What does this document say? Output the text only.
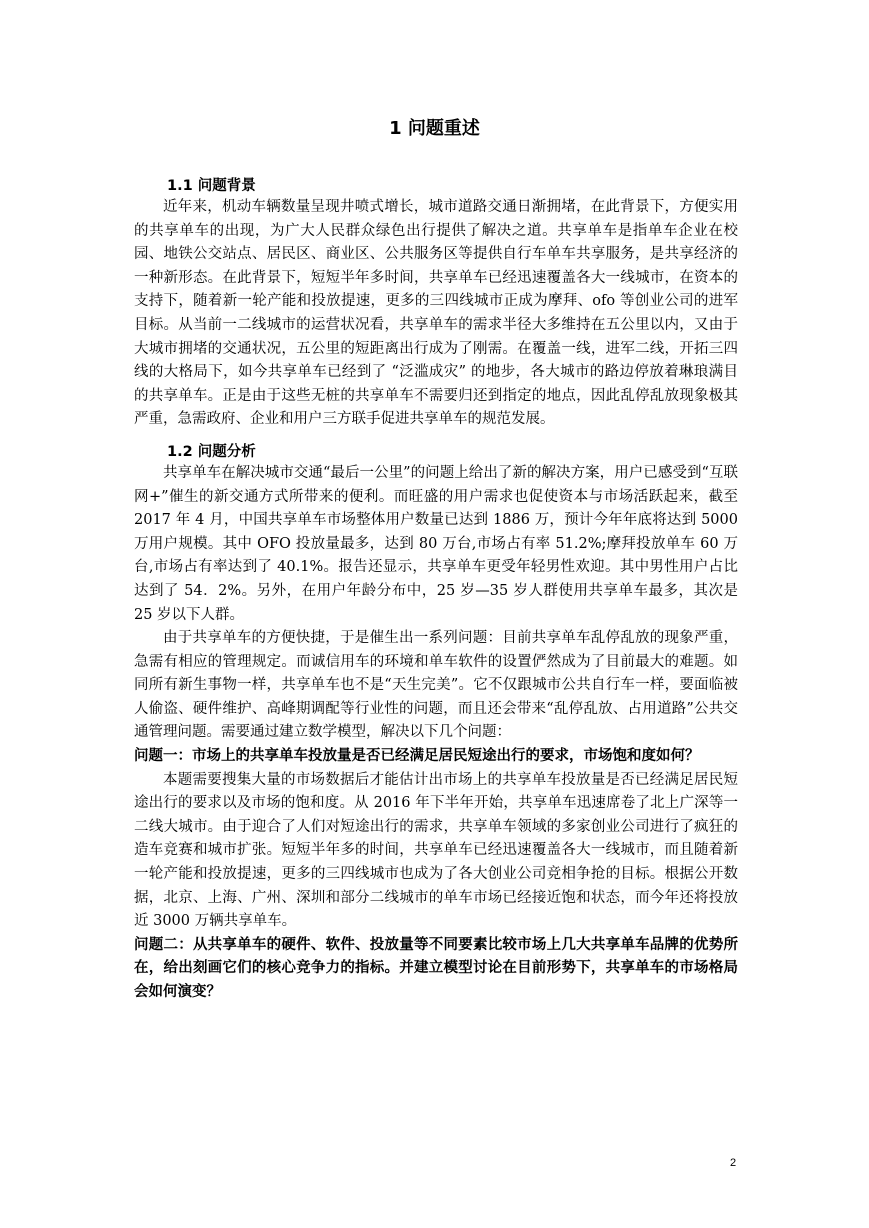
1 问题重述
1.1 问题背景

近年来，机动车辆数量呈现井喷式增长，城市道路交通日渐拥堵，在此背景下，方便实用的共享单车的出现，为广大人民群众绿色出行提供了解决之道。共享单车是指单车企业在校园、地铁公交站点、居民区、商业区、公共服务区等提供自行车单车共享服务，是共享经济的一种新形态。在此背景下，短短半年多时间，共享单车已经迅速覆盖各大一线城市，在资本的支持下，随着新一轮产能和投放提速，更多的三四线城市正成为摩拜、ofo 等创业公司的进军目标。从当前一二线城市的运营状况看，共享单车的需求半径大多维持在五公里以内，又由于大城市拥堵的交通状况，五公里的短距离出行成为了刚需。在覆盖一线，进军二线，开拓三四线的大格局下，如今共享单车已经到了 “泛滥成灾” 的地步，各大城市的路边停放着琳琅满目的共享单车。正是由于这些无桩的共享单车不需要归还到指定的地点，因此乱停乱放现象极其严重，急需政府、企业和用户三方联手促进共享单车的规范发展。

1.2 问题分析

共享单车在解决城市交通“最后一公里”的问题上给出了新的解决方案，用户已感受到“互联网+”催生的新交通方式所带来的便利。而旺盛的用户需求也促使资本与市场活跃起来，截至 2017 年 4 月，中国共享单车市场整体用户数量已达到 1886 万，预计今年年底将达到 5000 万用户规模。其中 OFO 投放量最多，达到 80 万台,市场占有率 51.2%;摩拜投放单车 60 万台,市场占有率达到了 40.1%。报告还显示，共享单车更受年轻男性欢迎。其中男性用户占比达到了 54．2%。另外，在用户年龄分布中，25 岁—35 岁人群使用共享单车最多，其次是 25 岁以下人群。

由于共享单车的方便快捷，于是催生出一系列问题：目前共享单车乱停乱放的现象严重，急需有相应的管理规定。而诚信用车的环境和单车软件的设置俨然成为了目前最大的难题。如同所有新生事物一样，共享单车也不是“天生完美”。它不仅跟城市公共自行车一样，要面临被人偷盗、硬件维护、高峰期调配等行业性的问题，而且还会带来“乱停乱放、占用道路”公共交通管理问题。需要通过建立数学模型，解决以下几个问题：

问题一：市场上的共享单车投放量是否已经满足居民短途出行的要求，市场饱和度如何？

本题需要搜集大量的市场数据后才能估计出市场上的共享单车投放量是否已经满足居民短途出行的要求以及市场的饱和度。从 2016 年下半年开始，共享单车迅速席卷了北上广深等一二线大城市。由于迎合了人们对短途出行的需求，共享单车领域的多家创业公司进行了疯狂的造车竞赛和城市扩张。短短半年多的时间，共享单车已经迅速覆盖各大一线城市，而且随着新一轮产能和投放提速，更多的三四线城市也成为了各大创业公司竞相争抢的目标。根据公开数据，北京、上海、广州、深圳和部分二线城市的单车市场已经接近饱和状态，而今年还将投放近 3000 万辆共享单车。

问题二：从共享单车的硬件、软件、投放量等不同要素比较市场上几大共享单车品牌的优势所在，给出刻画它们的核心竞争力的指标。并建立模型讨论在目前形势下，共享单车的市场格局会如何演变？
2
